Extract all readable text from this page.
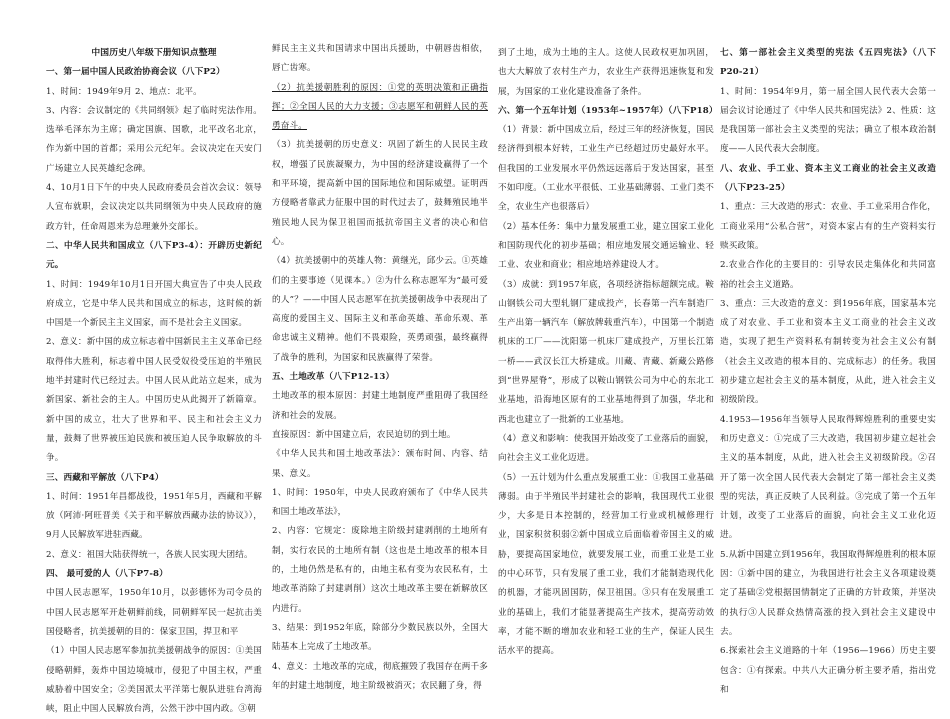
中国历史八年级下册知识点整理

一、第一届中国人民政治协商会议（八下P2）

1、时间：1949年9月 2、地点：北平。

3、内容：会议制定的《共同纲领》起了临时宪法作用。选举毛泽东为主席；确定国旗、国歌，北平改名北京，作为新中国的首都；采用公元纪年。会议决定在天安门广场建立人民英雄纪念碑。

4、10月1日下午的中央人民政府委员会首次会议：领导人宣布就职，会议决定以共同纲领为中央人民政府的施政方针，任命周恩来为总理兼外交部长。

二、中华人民共和国成立（八下P3-4）：开辟历史新纪元。

1、时间：1949年10月1日开国大典宣告了中央人民政府成立，它是中华人民共和国成立的标志，这时候的新中国是一个新民主主义国家，而不是社会主义国家。

2、意义：新中国的成立标志着中国新民主主义革命已经取得伟大胜利，标志着中国人民受奴役受压迫的半殖民地半封建时代已经过去。中国人民从此站立起来，成为新国家、新社会的主人。中国历史从此揭开了新篇章。新中国的成立，壮大了世界和平、民主和社会主义力量，鼓舞了世界被压迫民族和被压迫人民争取解放的斗争。

三、西藏和平解放（八下P4）

1、时间：1951年昌都战役，1951年5月，西藏和平解放（阿沛·阿旺晋美《关于和平解放西藏办法的协议》），9月人民解放军进驻西藏。

2、意义：祖国大陆获得统一，各族人民实现大团结。

四、 最可爱的人（八下P7-8）

中国人民志愿军，1950年10月，以彭德怀为司令员的中国人民志愿军开赴朝鲜前线，同朝鲜军民一起抗击美国侵略者，抗美援朝的目的：保家卫国，捍卫和平

（1）中国人民志愿军参加抗美援朝战争的原因：①美国侵略朝鲜，轰炸中国边境城市，侵犯了中国主权，严重威胁着中国安全；②美国派太平洋第七舰队进驻台湾海峡，阻止中国人民解放台湾，公然干涉中国内政。③朝

鲜民主主义共和国请求中国出兵援助，中朝唇齿相依，唇亡齿寒。

（2）抗美援朝胜利的原因：①党的英明决策和正确指挥；②全国人民的大力支援；③志愿军和朝鲜人民的英勇奋斗。

（3）抗美援朝的历史意义：巩固了新生的人民民主政权，增强了民族凝聚力，为中国的经济建设赢得了一个和平环境，提高新中国的国际地位和国际威望。证明西方侵略者靠武力征服中国的时代过去了，鼓舞殖民地半殖民地人民为保卫祖国而抵抗帝国主义者的决心和信心。

（4）抗美援朝中的英雄人物：黄继光，邱少云。①英雄们的主要事迹（见课本。）②为什么称志愿军为“最可爱的人”？——中国人民志愿军在抗美援朝战争中表现出了高度的爱国主义、国际主义和革命英雄、革命乐观、革命忠诚主义精神。他们不畏艰险，英勇顽强，最终赢得了战争的胜利，为国家和民族赢得了荣誉。

五、土地改革（八下P12-13）

土地改革的根本原因：封建土地制度严重阻碍了我国经济和社会的发展。

直接原因：新中国建立后，农民迫切的到土地。

《中华人民共和国土地改革法》：颁布时间、内容、结果、意义。

1、时间：1950年，中央人民政府颁布了《中华人民共和国土地改革法》，

2、内容：它规定：废除地主阶级封建剥削的土地所有制，实行农民的土地所有制（这也是土地改革的根本目的，土地仍然是私有的，由地主私有变为农民私有，土地改革消除了封建剥削）这次土地改革主要在新解放区内进行。

3、结果：到1952年底，除部分少数民族以外，全国大陆基本上完成了土地改革。

4、意义：土地改革的完成，彻底摧毁了我国存在两千多年的封建土地制度，地主阶级被消灭；农民翻了身，得

到了土地，成为土地的主人。这使人民政权更加巩固，也大大解放了农村生产力，农业生产获得迅速恢复和发展，为国家的工业化建设准备了条件。

六、第一个五年计划（1953年~1957年）（八下P18）

（1）背景：新中国成立后，经过三年的经济恢复，国民经济得到根本好转，工业生产已经超过历史最好水平。但我国的工业发展水平仍然远远落后于发达国家，甚至不如印度。（工业水平很低、工业基础薄弱、工业门类不全，农业生产也很落后）

（2）基本任务：集中力量发展重工业，建立国家工业化和国防现代化的初步基础；相应地发展交通运输业、轻工业、农业和商业；相应地培养建设人才。

（3）成就：到1957年底，各项经济指标超额完成。鞍山钢铁公司大型轧钢厂建成投产，长春第一汽车制造厂生产出第一辆汽车（解放牌载重汽车），中国第一个制造机床的工厂——沈阳第一机床厂建成投产，万里长江第一桥——武汉长江大桥建成。川藏、青藏、新藏公路修到“世界屋脊”，形成了以鞍山钢铁公司为中心的东北工业基地，沿海地区原有的工业基地得到了加强，华北和西北也建立了一批新的工业基地。

（4）意义和影响：使我国开始改变了工业落后的面貌，向社会主义工业化迈进。

（5）一五计划为什么重点发展重工业：①我国工业基础薄弱。由于半殖民半封建社会的影响，我国现代工业很少，大多是日本控制的，经营加工行业或机械修理行业，国家积贫积弱②新中国成立后面临着帝国主义的威胁，要提高国家地位，就要发展工业，而重工业是工业的中心环节，只有发展了重工业，我们才能制造现代化的机器，才能巩固国防，保卫祖国。③只有在发展重工业的基础上，我们才能显著提高生产技术，提高劳动效率，才能不断的增加农业和轻工业的生产，保证人民生活水平的提高。

七、第一部社会主义类型的宪法《五四宪法》（八下P20-21）

1、时间：1954年9月，第一届全国人民代表大会第一届会议讨论通过了《中华人民共和国宪法》2、性质：这是我国第一部社会主义类型的宪法；确立了根本政治制度——人民代表大会制度。

八、农业、手工业、资本主义工商业的社会主义改造（八下P23-25）

1、重点：三大改造的形式：农业、手工业采用合作化，工商业采用“公私合营”，对资本家占有的生产资料实行赎买政策。

2.农业合作化的主要目的：引导农民走集体化和共同富裕的社会主义道路。

3、重点：三大改造的意义：到1956年底，国家基本完成了对农业、手工业和资本主义工商业的社会主义改造，实现了把生产资料私有制转变为社会主义公有制（社会主义改造的根本目的、完成标志）的任务。我国初步建立起社会主义的基本制度，从此，进入社会主义初级阶段。

4.1953—1956年当领导人民取得辉煌胜利的重要史实和历史意义：①完成了三大改造，我国初步建立起社会主义的基本制度，从此，进入社会主义初级阶段。②召开了第一次全国人民代表大会制定了第一部社会主义类型的宪法，真正反映了人民利益。③完成了第一个五年计划，改变了工业落后的面貌，向社会主义工业化迈进。

5.从新中国建立到1956年，我国取得辉煌胜利的根本原因：①新中国的建立，为我国进行社会主义各项建设奠定了基础②党根据国情制定了正确的方针政策，并坚决的执行③人民群众热情高涨的投入到社会主义建设中去。

6.探索社会主义道路的十年（1956—1966）历史主要包含：①有探索。中共八大正确分析主要矛盾，指出党和
